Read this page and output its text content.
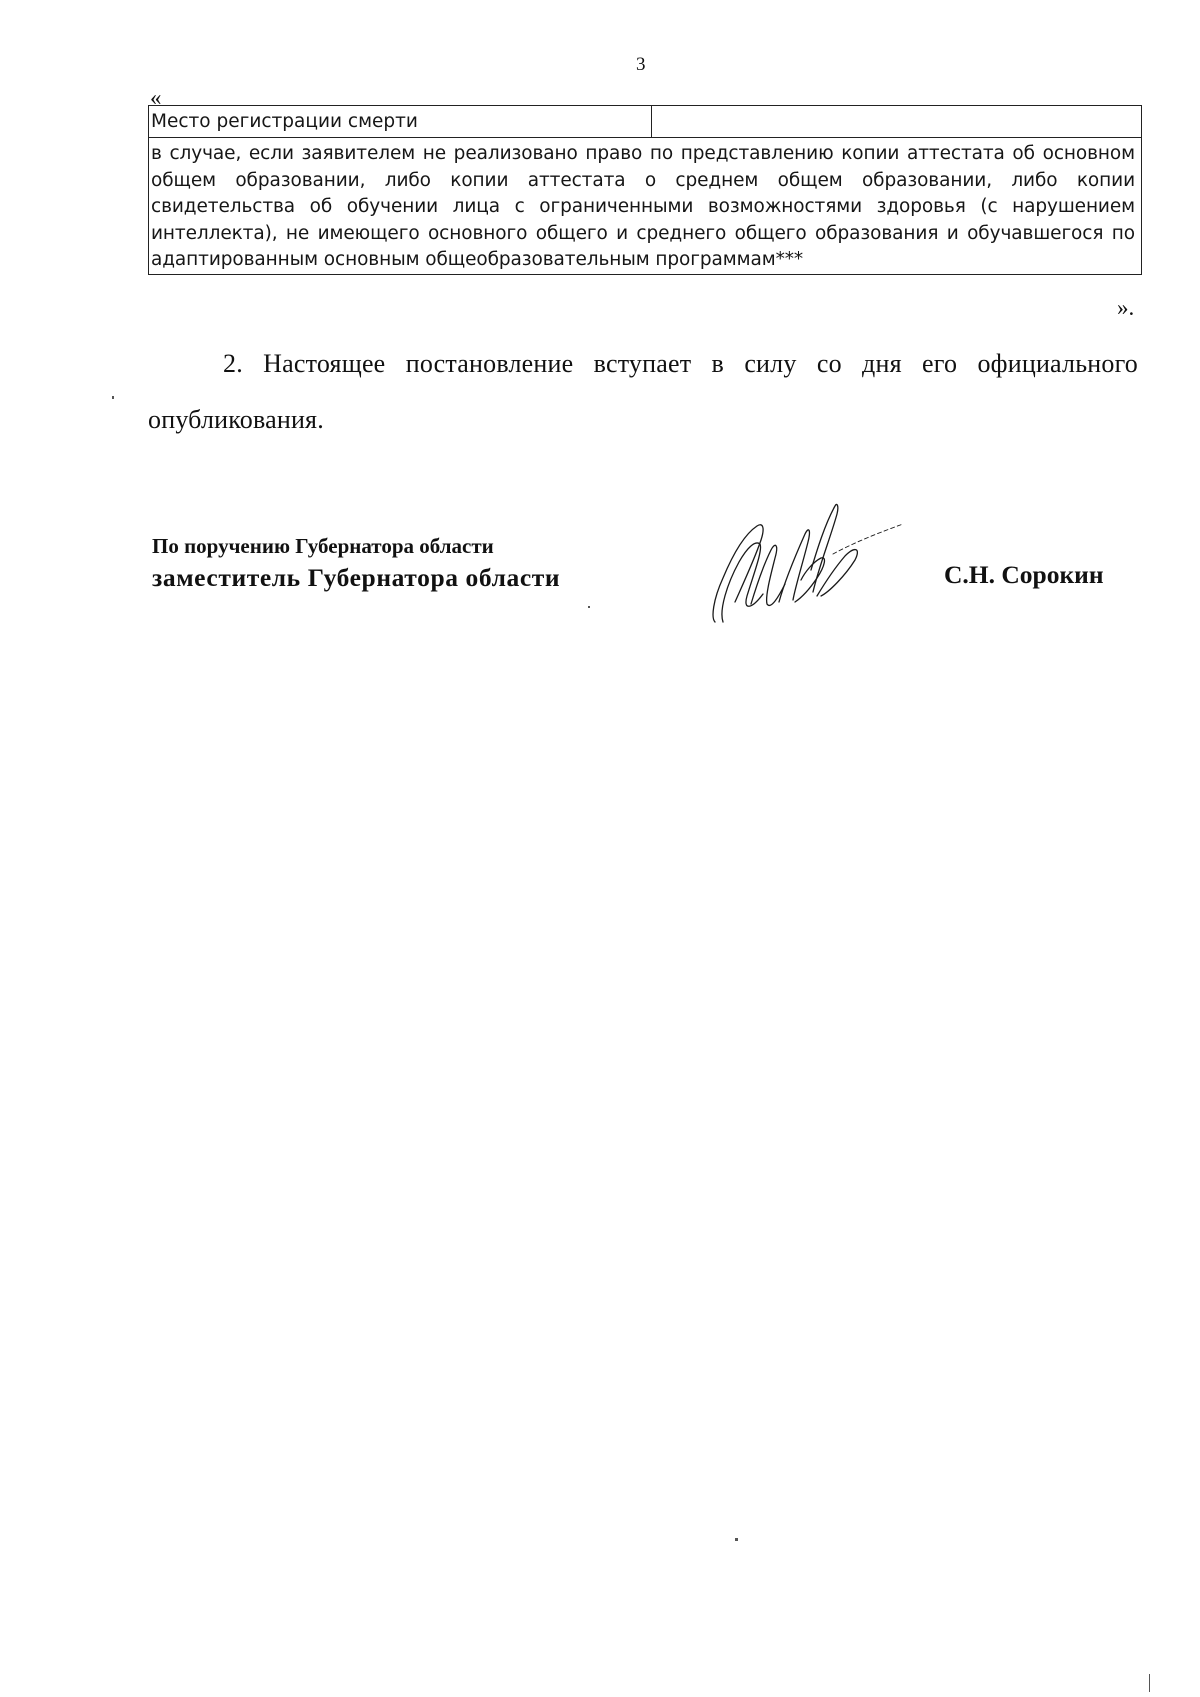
3
«
Место регистрации смерти	
в случае, если заявителем не реализовано право по представлению копии аттестата об основном общем образовании, либо копии аттестата о среднем общем образовании, либо копии свидетельства об обучении лица с ограниченными возможностями здоровья (с нарушением интеллекта), не имеющего основного общего и среднего общего образования и обучавшегося по адаптированным основным общеобразовательным программам***
».
2. Настоящее постановление вступает в силу со дня его официального опубликования.
По поручению Губернатора области
заместитель Губернатора области	С.Н. Сорокин
